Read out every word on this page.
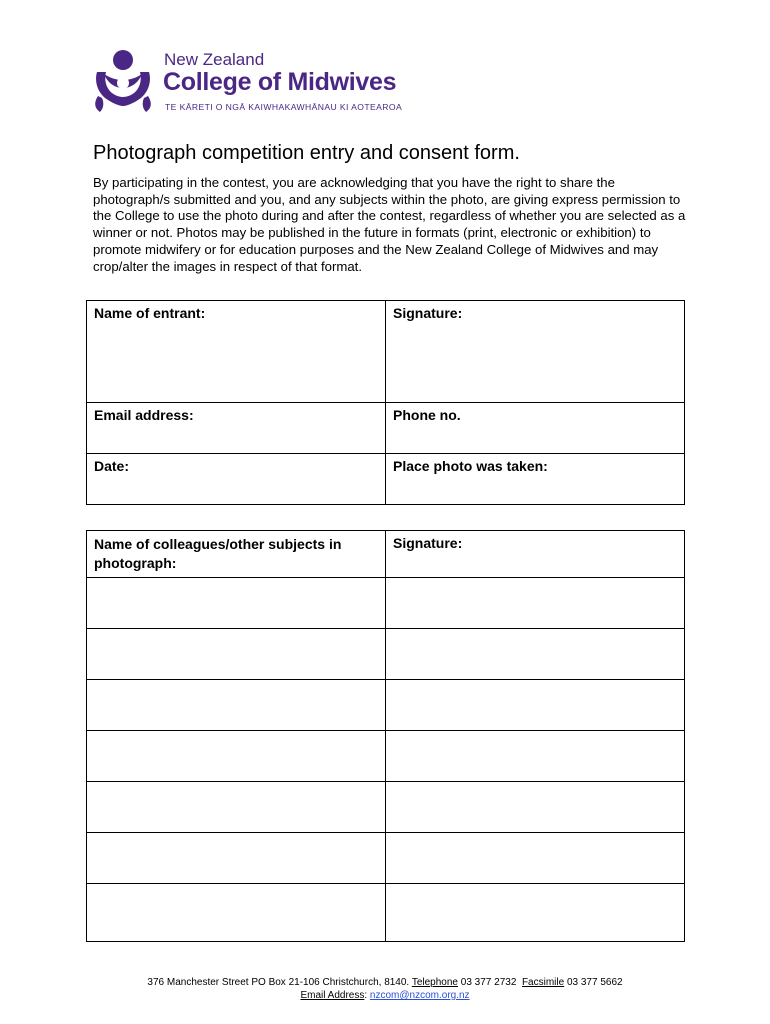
New Zealand
College of Midwives
TE KĀRETI O NGĀ KAIWHAKAWHĀNAU KI AOTEAROA
Photograph competition entry and consent form.
By participating in the contest, you are acknowledging that you have the right to share the photograph/s submitted and you, and any subjects within the photo, are giving express permission to the College to use the photo during and after the contest, regardless of whether you are selected as a winner or not. Photos may be published in the future in formats (print, electronic or exhibition) to promote midwifery or for education purposes and the New Zealand College of Midwives and may crop/alter the images in respect of that format.
Name of entrant:	Signature:
Email address:	Phone no.
Date:	Place photo was taken:
Name of colleagues/other subjects in photograph:	Signature:

376 Manchester Street PO Box 21-106 Christchurch, 8140. Telephone 03 377 2732 Facsimile 03 377 5662
Email Address: nzcom@nzcom.org.nz
